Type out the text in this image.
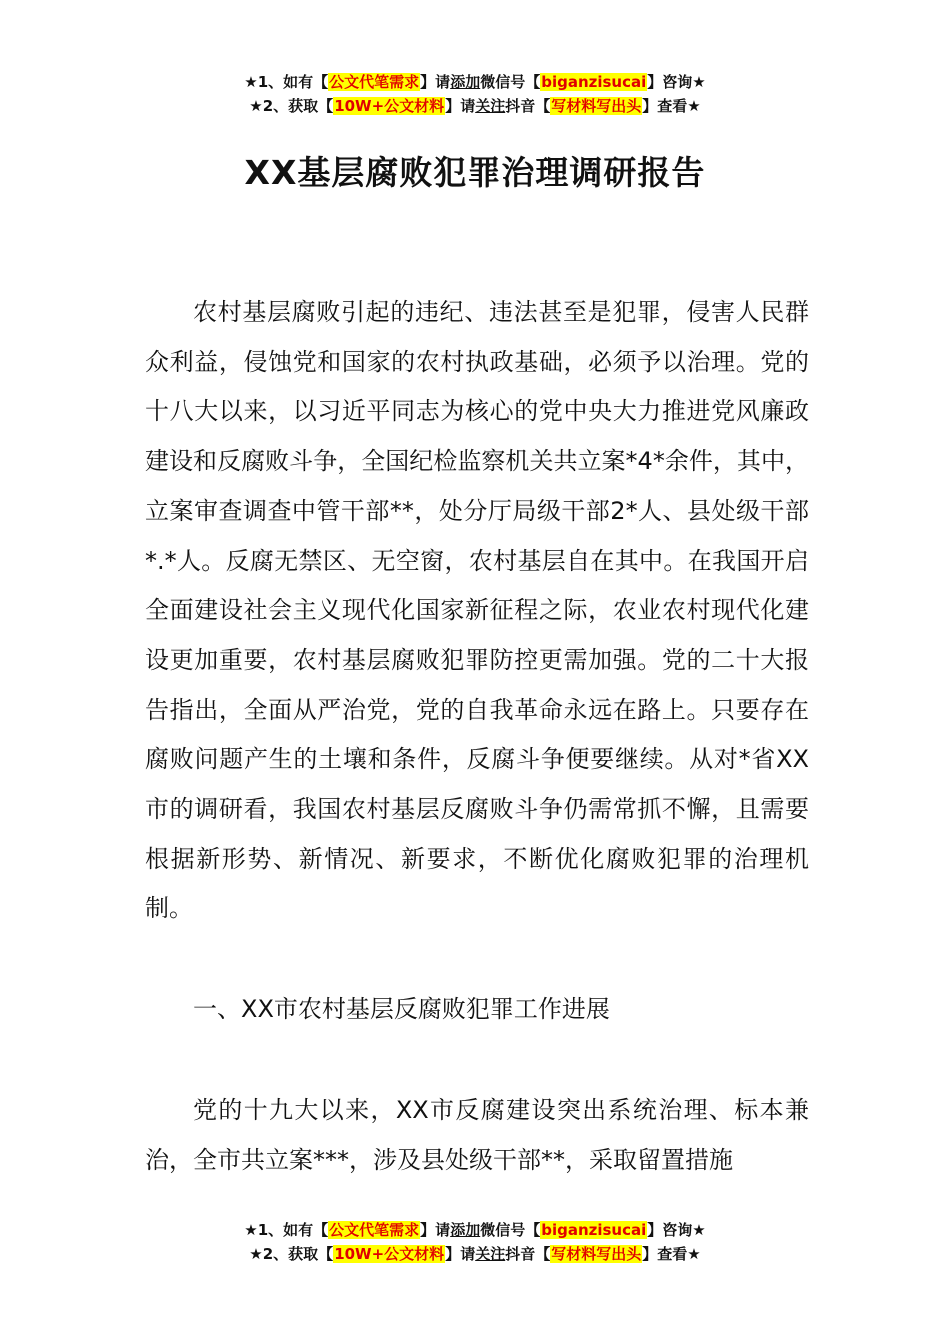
★1、如有【公文代笔需求】请添加微信号【biganzisucai】咨询★
★2、获取【10W+公文材料】请关注抖音【写材料写出头】查看★
XX基层腐败犯罪治理调研报告

农村基层腐败引起的违纪、违法甚至是犯罪，侵害人民群众利益，侵蚀党和国家的农村执政基础，必须予以治理。党的十八大以来，以习近平同志为核心的党中央大力推进党风廉政建设和反腐败斗争，全国纪检监察机关共立案*4*余件，其中，立案审查调查中管干部**，处分厅局级干部2*人、县处级干部*.*人。反腐无禁区、无空窗，农村基层自在其中。在我国开启全面建设社会主义现代化国家新征程之际，农业农村现代化建设更加重要，农村基层腐败犯罪防控更需加强。党的二十大报告指出，全面从严治党，党的自我革命永远在路上。只要存在腐败问题产生的土壤和条件，反腐斗争便要继续。从对*省XX市的调研看，我国农村基层反腐败斗争仍需常抓不懈，且需要根据新形势、新情况、新要求，不断优化腐败犯罪的治理机制。

一、XX市农村基层反腐败犯罪工作进展

党的十九大以来，XX市反腐建设突出系统治理、标本兼治，全市共立案***，涉及县处级干部**，采取留置措施

★1、如有【公文代笔需求】请添加微信号【biganzisucai】咨询★
★2、获取【10W+公文材料】请关注抖音【写材料写出头】查看★
